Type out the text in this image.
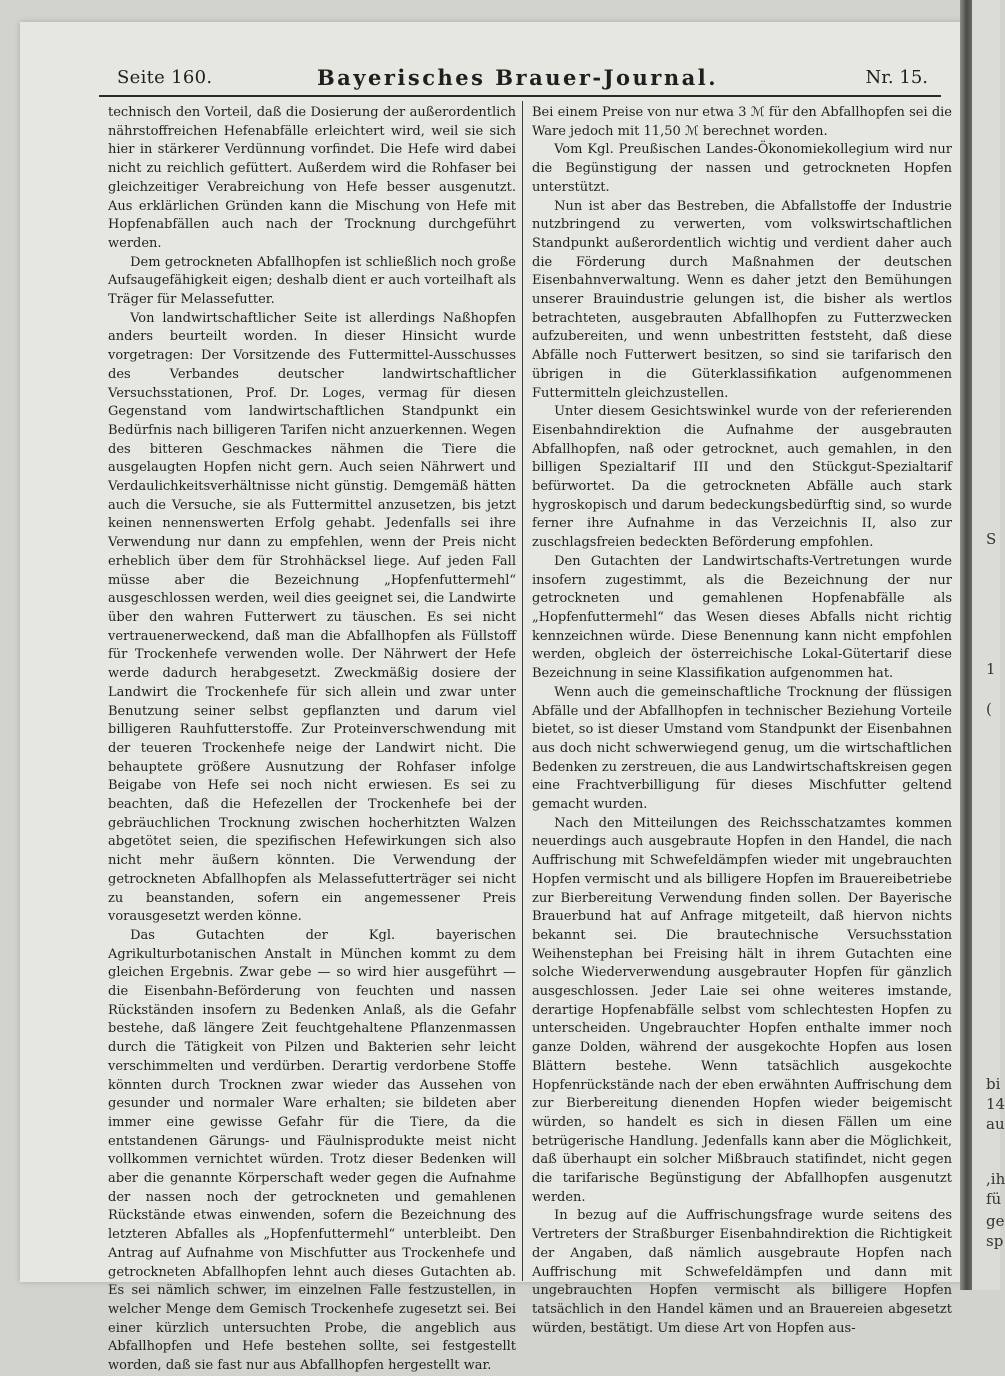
S
1
(
bi
14
au
,ih
fü
ge
sp
Seite 160.	Bayerisches Brauer-Journal.	Nr. 15.

technisch den Vorteil, daß die Dosierung der außerordentlich nährstoffreichen Hefenabfälle erleichtert wird, weil sie sich hier in stärkerer Verdünnung vorfindet. Die Hefe wird dabei nicht zu reichlich gefüttert. Außerdem wird die Rohfaser bei gleichzeitiger Verabreichung von Hefe besser ausgenutzt. Aus erklärlichen Gründen kann die Mischung von Hefe mit Hopfenabfällen auch nach der Trocknung durchgeführt werden.

Dem getrockneten Abfallhopfen ist schließlich noch große Aufsaugefähigkeit eigen; deshalb dient er auch vorteilhaft als Träger für Melassefutter.

Von landwirtschaftlicher Seite ist allerdings Naßhopfen anders beurteilt worden. In dieser Hinsicht wurde vorgetragen: Der Vorsitzende des Futtermittel-Ausschusses des Verbandes deutscher landwirtschaftlicher Versuchsstationen, Prof. Dr. Loges, vermag für diesen Gegenstand vom landwirtschaftlichen Standpunkt ein Bedürfnis nach billigeren Tarifen nicht anzuerkennen. Wegen des bitteren Geschmackes nähmen die Tiere die ausgelaugten Hopfen nicht gern. Auch seien Nährwert und Verdaulichkeitsverhältnisse nicht günstig. Demgemäß hätten auch die Versuche, sie als Futtermittel anzusetzen, bis jetzt keinen nennenswerten Erfolg gehabt. Jedenfalls sei ihre Verwendung nur dann zu empfehlen, wenn der Preis nicht erheblich über dem für Strohhäcksel liege. Auf jeden Fall müsse aber die Bezeichnung „Hopfenfuttermehl“ ausgeschlossen werden, weil dies geeignet sei, die Landwirte über den wahren Futterwert zu täuschen. Es sei nicht vertrauenerweckend, daß man die Abfallhopfen als Füllstoff für Trockenhefe verwenden wolle. Der Nährwert der Hefe werde dadurch herabgesetzt. Zweckmäßig dosiere der Landwirt die Trockenhefe für sich allein und zwar unter Benutzung seiner selbst gepflanzten und darum viel billigeren Rauhfutterstoffe. Zur Proteinverschwendung mit der teueren Trockenhefe neige der Landwirt nicht. Die behauptete größere Ausnutzung der Rohfaser infolge Beigabe von Hefe sei noch nicht erwiesen. Es sei zu beachten, daß die Hefezellen der Trockenhefe bei der gebräuchlichen Trocknung zwischen hocherhitzten Walzen abgetötet seien, die spezifischen Hefewirkungen sich also nicht mehr äußern könnten. Die Verwendung der getrockneten Abfallhopfen als Melassefutterträger sei nicht zu beanstanden, sofern ein angemessener Preis vorausgesetzt werden könne.

Das Gutachten der Kgl. bayerischen Agrikulturbotanischen Anstalt in München kommt zu dem gleichen Ergebnis. Zwar gebe — so wird hier ausgeführt — die Eisenbahn-Beförderung von feuchten und nassen Rückständen insofern zu Bedenken Anlaß, als die Gefahr bestehe, daß längere Zeit feuchtgehaltene Pflanzenmassen durch die Tätigkeit von Pilzen und Bakterien sehr leicht verschimmelten und verdürben. Derartig verdorbene Stoffe könnten durch Trocknen zwar wieder das Aussehen von gesunder und normaler Ware erhalten; sie bildeten aber immer eine gewisse Gefahr für die Tiere, da die entstandenen Gärungs- und Fäulnisprodukte meist nicht vollkommen vernichtet würden. Trotz dieser Bedenken will aber die genannte Körperschaft weder gegen die Aufnahme der nassen noch der getrockneten und gemahlenen Rückstände etwas einwenden, sofern die Bezeichnung des letzteren Abfalles als „Hopfenfuttermehl“ unterbleibt. Den Antrag auf Aufnahme von Mischfutter aus Trockenhefe und getrockneten Abfallhopfen lehnt auch dieses Gutachten ab. Es sei nämlich schwer, im einzelnen Falle festzustellen, in welcher Menge dem Gemisch Trockenhefe zugesetzt sei. Bei einer kürzlich untersuchten Probe, die angeblich aus Abfallhopfen und Hefe bestehen sollte, sei festgestellt worden, daß sie fast nur aus Abfallhopfen hergestellt war.

Bei einem Preise von nur etwa 3 ℳ für den Abfallhopfen sei die Ware jedoch mit 11,50 ℳ berechnet worden.

Vom Kgl. Preußischen Landes-Ökonomiekollegium wird nur die Begünstigung der nassen und getrockneten Hopfen unterstützt.

Nun ist aber das Bestreben, die Abfallstoffe der Industrie nutzbringend zu verwerten, vom volkswirtschaftlichen Standpunkt außerordentlich wichtig und verdient daher auch die Förderung durch Maßnahmen der deutschen Eisenbahnverwaltung. Wenn es daher jetzt den Bemühungen unserer Brauindustrie gelungen ist, die bisher als wertlos betrachteten, ausgebrauten Abfallhopfen zu Futterzwecken aufzubereiten, und wenn unbestritten feststeht, daß diese Abfälle noch Futterwert besitzen, so sind sie tarifarisch den übrigen in die Güterklassifikation aufgenommenen Futtermitteln gleichzustellen.

Unter diesem Gesichtswinkel wurde von der referierenden Eisenbahndirektion die Aufnahme der ausgebrauten Abfallhopfen, naß oder getrocknet, auch gemahlen, in den billigen Spezialtarif III und den Stückgut-Spezialtarif befürwortet. Da die getrockneten Abfälle auch stark hygroskopisch und darum bedeckungsbedürftig sind, so wurde ferner ihre Aufnahme in das Verzeichnis II, also zur zuschlagsfreien bedeckten Beförderung empfohlen.

Den Gutachten der Landwirtschafts-Vertretungen wurde insofern zugestimmt, als die Bezeichnung der nur getrockneten und gemahlenen Hopfenabfälle als „Hopfenfuttermehl“ das Wesen dieses Abfalls nicht richtig kennzeichnen würde. Diese Benennung kann nicht empfohlen werden, obgleich der österreichische Lokal-Gütertarif diese Bezeichnung in seine Klassifikation aufgenommen hat.

Wenn auch die gemeinschaftliche Trocknung der flüssigen Abfälle und der Abfallhopfen in technischer Beziehung Vorteile bietet, so ist dieser Umstand vom Standpunkt der Eisenbahnen aus doch nicht schwerwiegend genug, um die wirtschaftlichen Bedenken zu zerstreuen, die aus Landwirtschaftskreisen gegen eine Frachtverbilligung für dieses Mischfutter geltend gemacht wurden.

Nach den Mitteilungen des Reichsschatzamtes kommen neuerdings auch ausgebraute Hopfen in den Handel, die nach Auffrischung mit Schwefeldämpfen wieder mit ungebrauchten Hopfen vermischt und als billigere Hopfen im Brauereibetriebe zur Bierbereitung Verwendung finden sollen. Der Bayerische Brauerbund hat auf Anfrage mitgeteilt, daß hiervon nichts bekannt sei. Die brautechnische Versuchsstation Weihenstephan bei Freising hält in ihrem Gutachten eine solche Wiederverwendung ausgebrauter Hopfen für gänzlich ausgeschlossen. Jeder Laie sei ohne weiteres imstande, derartige Hopfenabfälle selbst vom schlechtesten Hopfen zu unterscheiden. Ungebrauchter Hopfen enthalte immer noch ganze Dolden, während der ausgekochte Hopfen aus losen Blättern bestehe. Wenn tatsächlich ausgekochte Hopfenrückstände nach der eben erwähnten Auffrischung dem zur Bierbereitung dienenden Hopfen wieder beigemischt würden, so handelt es sich in diesen Fällen um eine betrügerische Handlung. Jedenfalls kann aber die Möglichkeit, daß überhaupt ein solcher Mißbrauch statifindet, nicht gegen die tarifarische Begünstigung der Abfallhopfen ausgenutzt werden.

In bezug auf die Auffrischungsfrage wurde seitens des Vertreters der Straßburger Eisenbahndirektion die Richtigkeit der Angaben, daß nämlich ausgebraute Hopfen nach Auffrischung mit Schwefeldämpfen und dann mit ungebrauchten Hopfen vermischt als billigere Hopfen tatsächlich in den Handel kämen und an Brauereien abgesetzt würden, bestätigt. Um diese Art von Hopfen aus-
